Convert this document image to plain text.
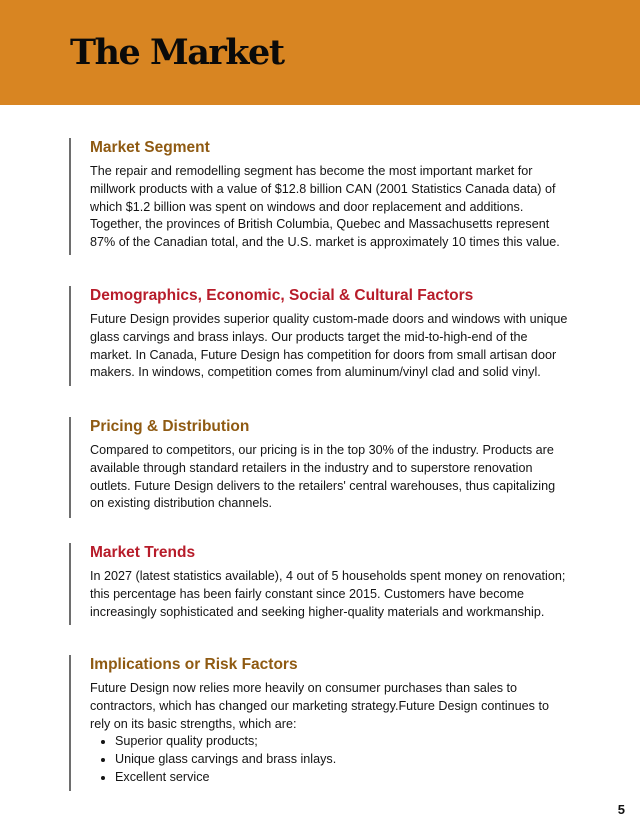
The Market
Market Segment

The repair and remodelling segment has become the most important market for millwork products with a value of $12.8 billion CAN (2001 Statistics Canada data) of which $1.2 billion was spent on windows and door replacement and additions. Together, the provinces of British Columbia, Quebec and Massachusetts represent 87% of the Canadian total, and the U.S. market is approximately 10 times this value.

Demographics, Economic, Social & Cultural Factors

Future Design provides superior quality custom-made doors and windows with unique glass carvings and brass inlays. Our products target the mid-to-high-end of the market. In Canada, Future Design has competition for doors from small artisan door makers. In windows, competition comes from aluminum/vinyl clad and solid vinyl.

Pricing & Distribution

Compared to competitors, our pricing is in the top 30% of the industry. Products are available through standard retailers in the industry and to superstore renovation outlets. Future Design delivers to the retailers' central warehouses, thus capitalizing on existing distribution channels.

Market Trends

In 2027 (latest statistics available), 4 out of 5 households spent money on renovation; this percentage has been fairly constant since 2015. Customers have become increasingly sophisticated and seeking higher-quality materials and workmanship.

Implications or Risk Factors

Future Design now relies more heavily on consumer purchases than sales to contractors, which has changed our marketing strategy.Future Design continues to rely on its basic strengths, which are:

• Superior quality products;
• Unique glass carvings and brass inlays.
• Excellent service
5
